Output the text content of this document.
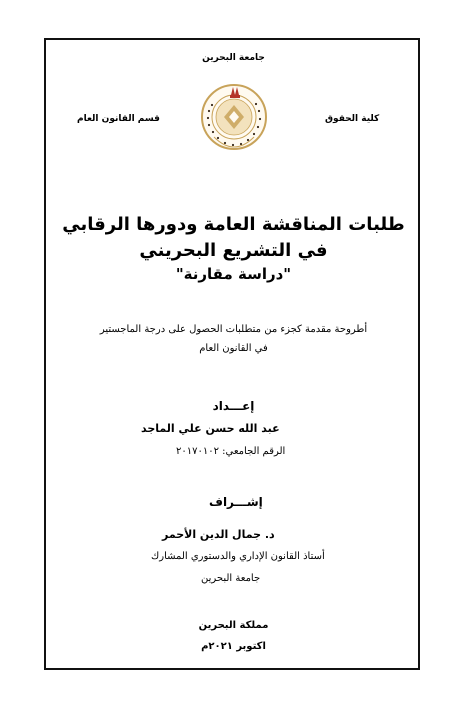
جامعة البحرين
كلية الحقوق
قسم القانون العام
طلبات المناقشة العامة ودورها الرقابي
في التشريع البحريني
"دراسة مقارنة"
أطروحة مقدمة كجزء من متطلبات الحصول على درجة الماجستير
في القانون العام
إعـــداد
عبد الله حسن علي الماجد
الرقم الجامعي: ٢٠١٧٠١٠٢
إشـــراف
د. جمال الدين الأحمر
أستاذ القانون الإداري والدستوري المشارك
جامعة البحرين
مملكة البحرين
اكتوبر ٢٠٢١م
